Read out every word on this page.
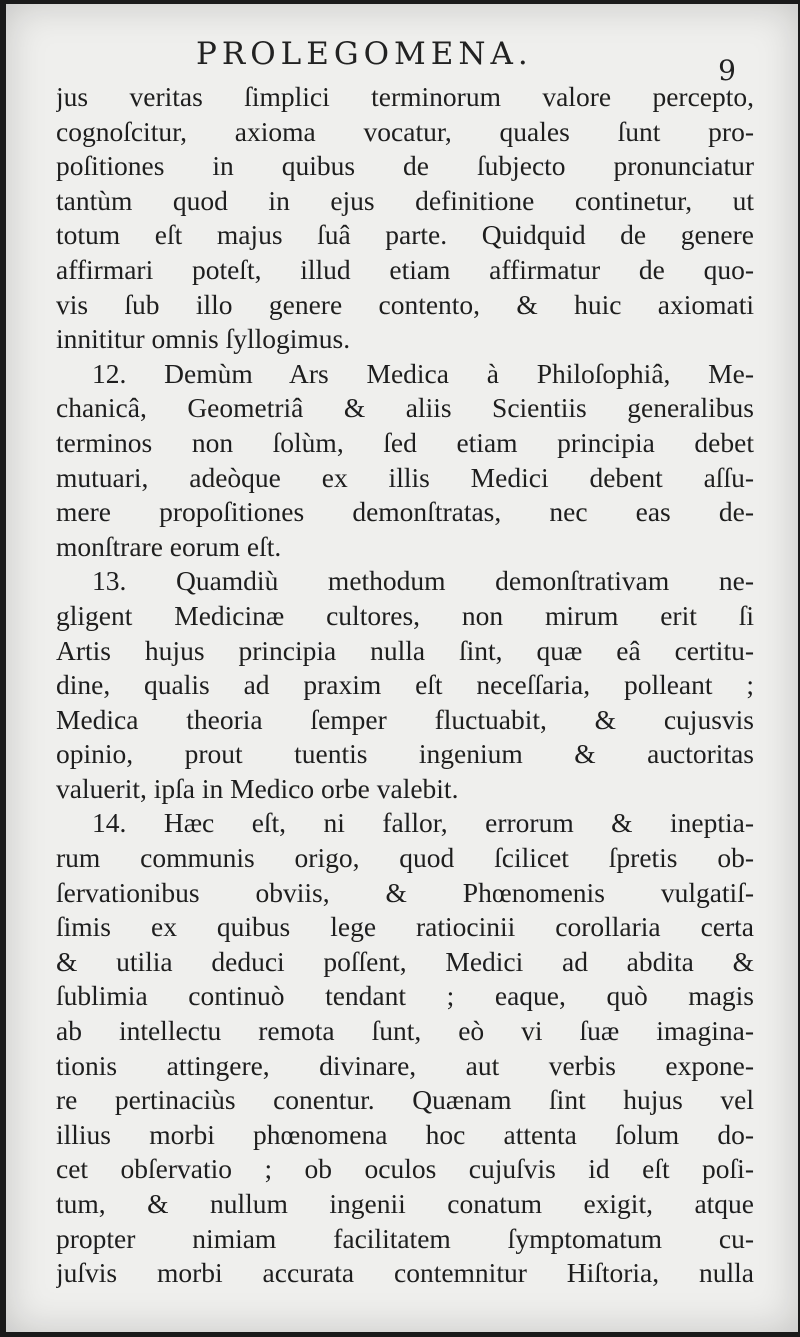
PROLEGOMENA.	9
jus veritas ſimplici terminorum valore percepto,
cognoſcitur, axioma vocatur, quales ſunt pro-
poſitiones in quibus de ſubjecto pronunciatur
tantùm quod in ejus definitione continetur, ut
totum eſt majus ſuâ parte. Quidquid de genere
affirmari poteſt, illud etiam affirmatur de quo-
vis ſub illo genere contento, & huic axiomati
innititur omnis ſyllogimus.
12. Demùm Ars Medica à Philoſophiâ, Me-
chanicâ, Geometriâ & aliis Scientiis generalibus
terminos non ſolùm, ſed etiam principia debet
mutuari, adeòque ex illis Medici debent aſſu-
mere propoſitiones demonſtratas, nec eas de-
monſtrare eorum eſt.
13. Quamdiù methodum demonſtrativam ne-
gligent Medicinæ cultores, non mirum erit ſi
Artis hujus principia nulla ſint, quæ eâ certitu-
dine, qualis ad praxim eſt neceſſaria, polleant ;
Medica theoria ſemper fluctuabit, & cujusvis
opinio, prout tuentis ingenium & auctoritas
valuerit, ipſa in Medico orbe valebit.
14. Hæc eſt, ni fallor, errorum & ineptia-
rum communis origo, quod ſcilicet ſpretis ob-
ſervationibus obviis, & Phœnomenis vulgatiſ-
ſimis ex quibus lege ratiocinii corollaria certa
& utilia deduci poſſent, Medici ad abdita &
ſublimia continuò tendant ; eaque, quò magis
ab intellectu remota ſunt, eò vi ſuæ imagina-
tionis attingere, divinare, aut verbis expone-
re pertinaciùs conentur. Quænam ſint hujus vel
illius morbi phœnomena hoc attenta ſolum do-
cet obſervatio ; ob oculos cujuſvis id eſt poſi-
tum, & nullum ingenii conatum exigit, atque
propter nimiam facilitatem ſymptomatum cu-
juſvis morbi accurata contemnitur Hiſtoria, nulla
